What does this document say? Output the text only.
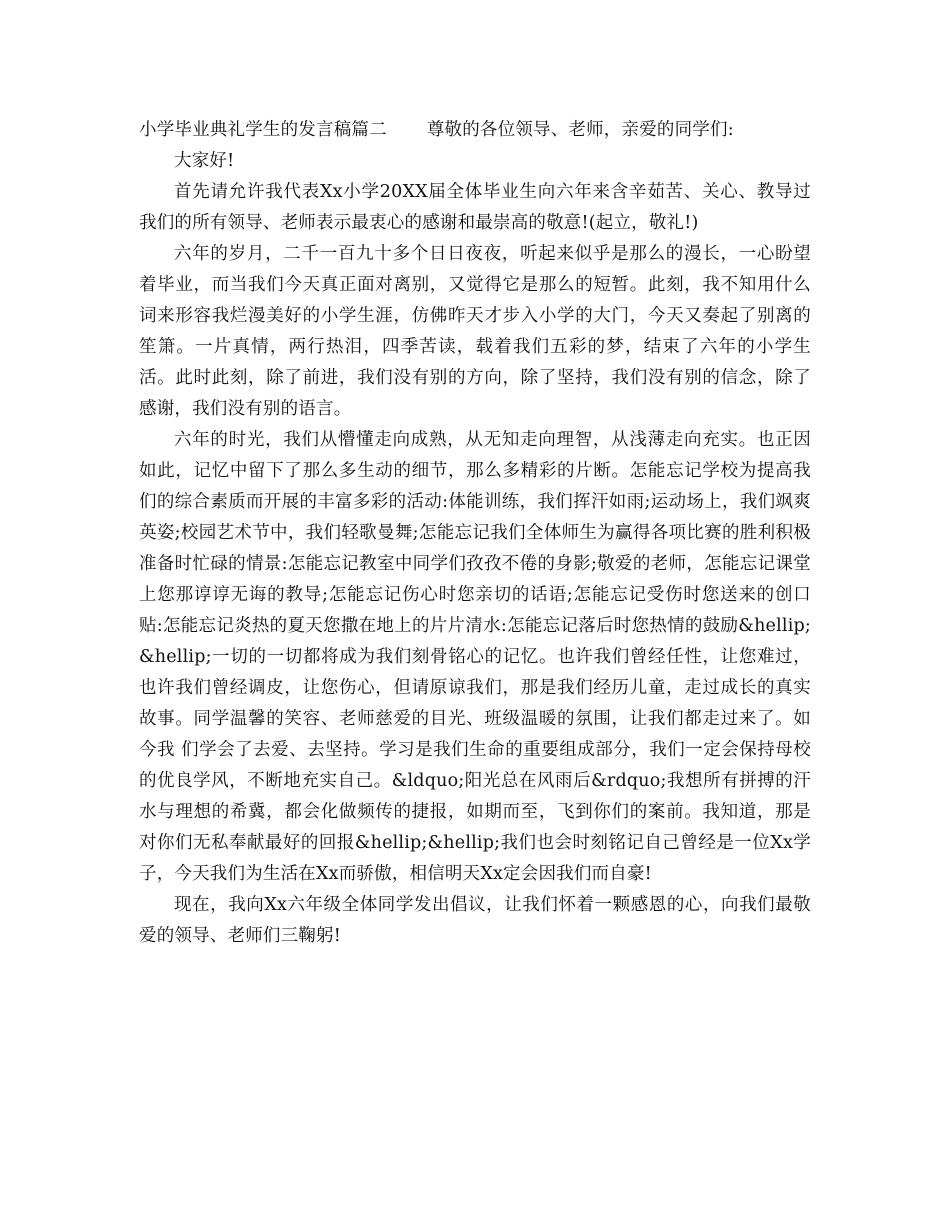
小学毕业典礼学生的发言稿篇二 尊敬的各位领导、老师，亲爱的同学们:

大家好!

首先请允许我代表Xx小学20XX届全体毕业生向六年来含辛茹苦、关心、教导过我们的所有领导、老师表示最衷心的感谢和最崇高的敬意!(起立，敬礼!)

六年的岁月，二千一百九十多个日日夜夜，听起来似乎是那么的漫长，一心盼望着毕业，而当我们今天真正面对离别，又觉得它是那么的短暂。此刻，我不知用什么词来形容我烂漫美好的小学生涯，仿佛昨天才步入小学的大门，今天又奏起了别离的笙箫。一片真情，两行热泪，四季苦读，载着我们五彩的梦，结束了六年的小学生活。此时此刻，除了前进，我们没有别的方向，除了坚持，我们没有别的信念，除了感谢，我们没有别的语言。

六年的时光，我们从懵懂走向成熟，从无知走向理智，从浅薄走向充实。也正因如此，记忆中留下了那么多生动的细节，那么多精彩的片断。怎能忘记学校为提高我们的综合素质而开展的丰富多彩的活动:体能训练，我们挥汗如雨;运动场上，我们飒爽英姿;校园艺术节中，我们轻歌曼舞;怎能忘记我们全体师生为赢得各项比赛的胜利积极准备时忙碌的情景:怎能忘记教室中同学们孜孜不倦的身影;敬爱的老师，怎能忘记课堂上您那谆谆无诲的教导;怎能忘记伤心时您亲切的话语;怎能忘记受伤时您送来的创口贴:怎能忘记炎热的夏天您撒在地上的片片清水:怎能忘记落后时您热情的鼓励&hellip;&hellip;一切的一切都将成为我们刻骨铭心的记忆。也许我们曾经任性，让您难过，也许我们曾经调皮，让您伤心，但请原谅我们，那是我们经历儿童，走过成长的真实故事。同学温馨的笑容、老师慈爱的目光、班级温暖的氛围，让我们都走过来了。如今我 们学会了去爱、去坚持。学习是我们生命的重要组成部分，我们一定会保持母校的优良学风，不断地充实自己。&ldquo;阳光总在风雨后&rdquo;我想所有拼搏的汗水与理想的希冀，都会化做频传的捷报，如期而至，飞到你们的案前。我知道，那是对你们无私奉献最好的回报&hellip;&hellip;我们也会时刻铭记自己曾经是一位Xx学子，今天我们为生活在Xx而骄傲，相信明天Xx定会因我们而自豪!

现在，我向Xx六年级全体同学发出倡议，让我们怀着一颗感恩的心，向我们最敬爱的领导、老师们三鞠躬!
